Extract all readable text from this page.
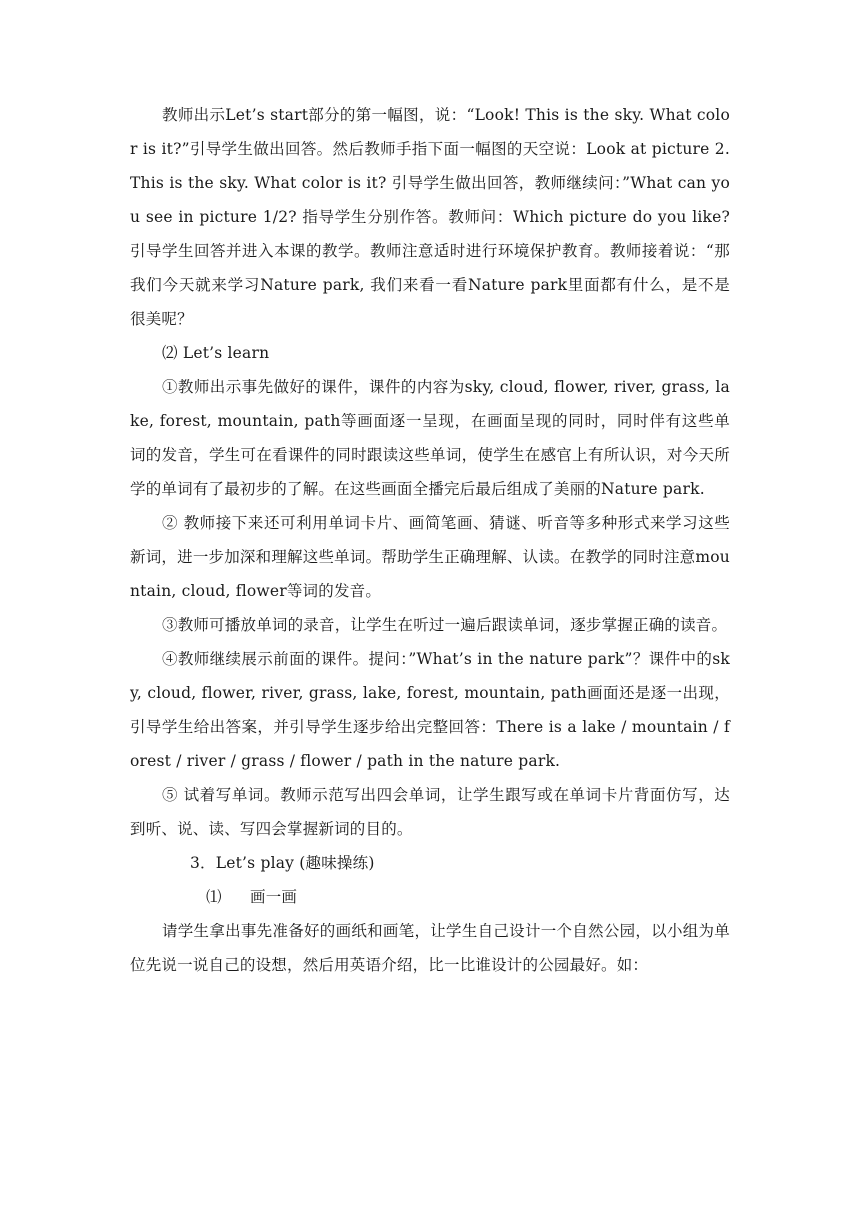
教师出示Let’s start部分的第一幅图，说：“Look! This is the sky. What color is it?”引导学生做出回答。然后教师手指下面一幅图的天空说：Look at picture 2. This is the sky. What color is it? 引导学生做出回答，教师继续问：”What can you see in picture 1/2? 指导学生分别作答。教师问：Which picture do you like? 引导学生回答并进入本课的教学。教师注意适时进行环境保护教育。教师接着说：“那我们今天就来学习Nature park, 我们来看一看Nature park里面都有什么，是不是很美呢？

⑵ Let’s learn

①教师出示事先做好的课件，课件的内容为sky, cloud, flower, river, grass, lake, forest, mountain, path等画面逐一呈现，在画面呈现的同时，同时伴有这些单词的发音，学生可在看课件的同时跟读这些单词，使学生在感官上有所认识，对今天所学的单词有了最初步的了解。在这些画面全播完后最后组成了美丽的Nature park.

② 教师接下来还可利用单词卡片、画简笔画、猜谜、听音等多种形式来学习这些新词，进一步加深和理解这些单词。帮助学生正确理解、认读。在教学的同时注意mountain, cloud, flower等词的发音。

③教师可播放单词的录音，让学生在听过一遍后跟读单词，逐步掌握正确的读音。

④教师继续展示前面的课件。提问：”What’s in the nature park”？课件中的sky, cloud, flower, river, grass, lake, forest, mountain, path画面还是逐一出现，引导学生给出答案，并引导学生逐步给出完整回答：There is a lake / mountain / forest / river / grass / flower / path in the nature park.

⑤ 试着写单词。教师示范写出四会单词，让学生跟写或在单词卡片背面仿写，达到听、说、读、写四会掌握新词的目的。

3．Let’s play (趣味操练)

⑴ 画一画

请学生拿出事先准备好的画纸和画笔，让学生自己设计一个自然公园，以小组为单位先说一说自己的设想，然后用英语介绍，比一比谁设计的公园最好。如：
